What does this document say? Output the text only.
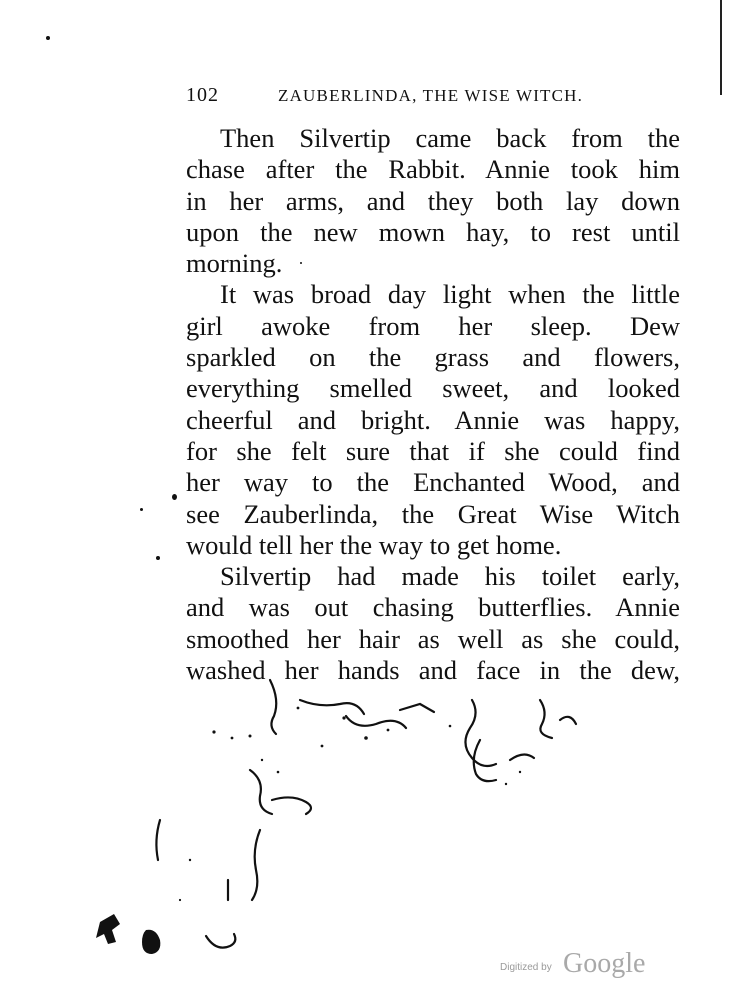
102	ZAUBERLINDA, THE WISE WITCH.
Then Silvertip came back from the
chase after the Rabbit. Annie took him
in her arms, and they both lay down
upon the new mown hay, to rest until
morning.
It was broad day light when the little
girl awoke from her sleep. Dew
sparkled on the grass and flowers,
everything smelled sweet, and looked
cheerful and bright. Annie was happy,
for she felt sure that if she could find
her way to the Enchanted Wood, and
see Zauberlinda, the Great Wise Witch
would tell her the way to get home.
Silvertip had made his toilet early,
and was out chasing butterflies. Annie
smoothed her hair as well as she could,
washed her hands and face in the dew,
Digitized by Google
